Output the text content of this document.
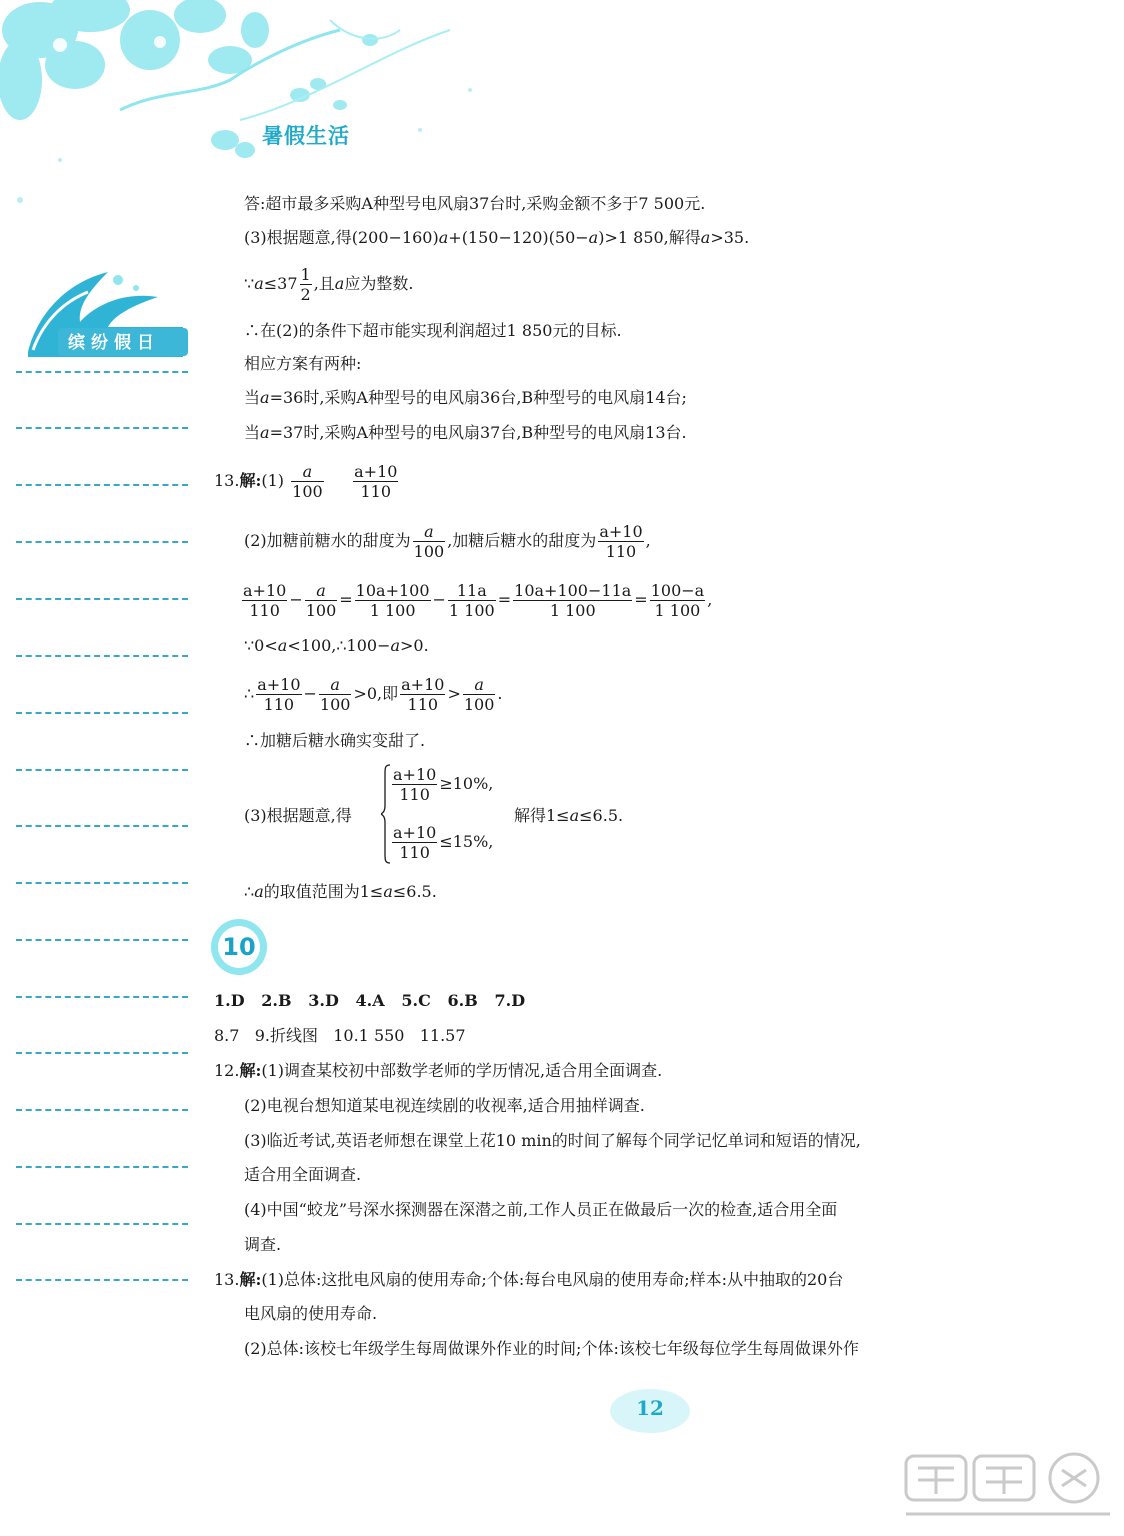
暑假生活
缤纷假日
答:超市最多采购A种型号电风扇37台时,采购金额不多于7 500元.
(3)根据题意,得(200−160)a+(150−120)(50−a)>1 850,解得a>35.
∵a≤37 $\frac{1}{2}$ ,且a应为整数.
∴在(2)的条件下超市能实现利润超过1 850元的目标.
相应方案有两种:
当a=36时,采购A种型号的电风扇36台,B种型号的电风扇14台;
当a=37时,采购A种型号的电风扇37台,B种型号的电风扇13台.
13.解:(1) $\frac{a}{100}$
$\frac{a+10}{110}$
(2)加糖前糖水的甜度为 $\frac{a}{100}$ ,加糖后糖水的甜度为 $\frac{a+10}{110}$ ,
$\frac{a+10}{110} - \frac{a}{100} = \frac{10a+100}{1 100} - \frac{11a}{1 100} = \frac{10a+100-11a}{1 100} = \frac{100-a}{1 100}$ ,
∵0<a<100,∴100−a>0.
∴ $\frac{a+10}{110} - \frac{a}{100} >0$,即 $\frac{a+10}{110} > \frac{a}{100}$ .
∴加糖后糖水确实变甜了.
(3)根据题意,得
$\frac{a+10}{110} \ge 10\%$,
$\frac{a+10}{110} \le 15\%$,
解得1≤a≤6.5.
∴a的取值范围为1≤a≤6.5.
10
1.D 2.B 3.D 4.A 5.C 6.B 7.D
8.7   9.折线图   10.1 550   11.57
12.解:(1)调查某校初中部数学老师的学历情况,适合用全面调查.
(2)电视台想知道某电视连续剧的收视率,适合用抽样调查.
(3)临近考试,英语老师想在课堂上花10 min的时间了解每个同学记忆单词和短语的情况,
适合用全面调查.
(4)中国“蛟龙”号深水探测器在深潜之前,工作人员正在做最后一次的检查,适合用全面
调查.
13.解:(1)总体:这批电风扇的使用寿命;个体:每台电风扇的使用寿命;样本:从中抽取的20台
电风扇的使用寿命.
(2)总体:该校七年级学生每周做课外作业的时间;个体:该校七年级每位学生每周做课外作
12
